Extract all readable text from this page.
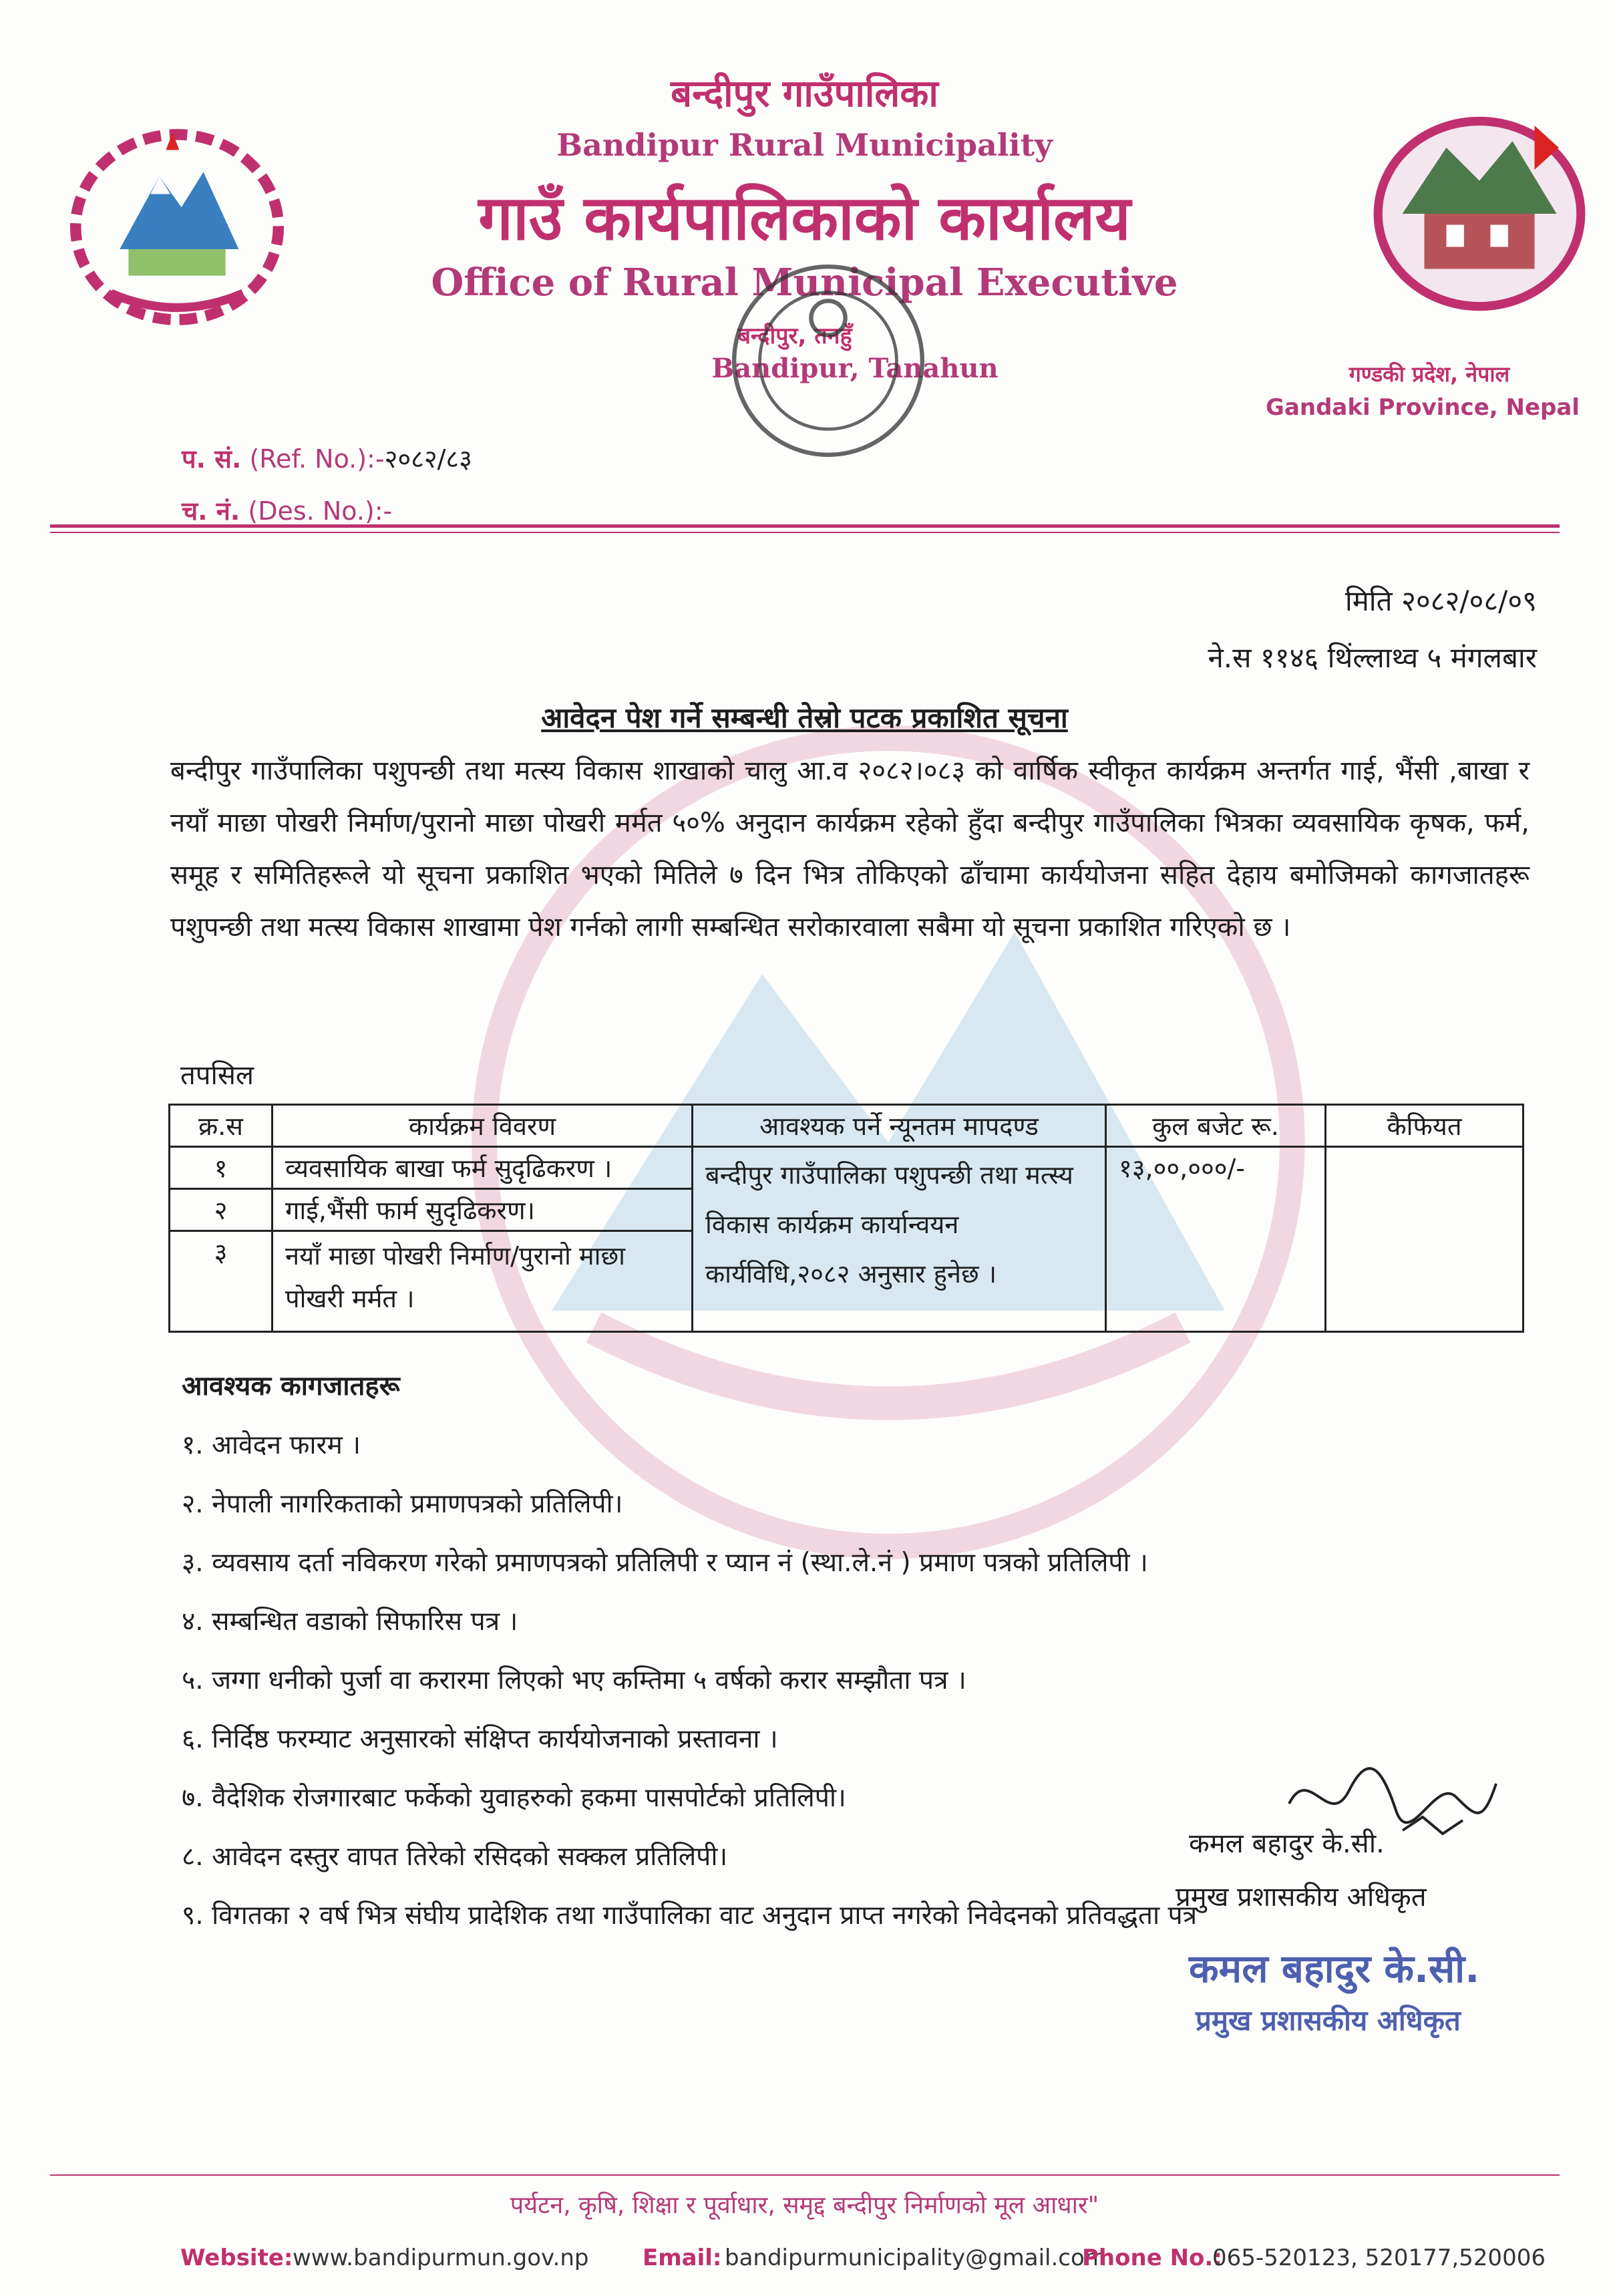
बन्दीपुर गाउँपालिका
Bandipur Rural Municipality
गाउँ कार्यपालिकाको कार्यालय
Office of Rural Municipal Executive
बन्दीपुर, तनहुँ
Bandipur, Tanahun	गण्डकी प्रदेश, नेपाल
Gandaki Province, Nepal
प. सं. (Ref. No.):-२०८२/८३
च. नं. (Des. No.):-
मिति २०८२/०८/०९
ने.स ११४६ थिंल्लाथ्व ५ मंगलबार
आवेदन पेश गर्ने सम्बन्धी तेस्रो पटक प्रकाशित सूचना
बन्दीपुर गाउँपालिका पशुपन्छी तथा मत्स्य विकास शाखाको चालु आ.व २०८२।०८३ को वार्षिक स्वीकृत कार्यक्रम अन्तर्गत गाई, भैंसी ,बाखा र नयाँ माछा पोखरी निर्माण/पुरानो माछा पोखरी मर्मत ५०% अनुदान कार्यक्रम रहेको हुँदा बन्दीपुर गाउँपालिका भित्रका व्यवसायिक कृषक, फर्म, समूह र समितिहरूले यो सूचना प्रकाशित भएको मितिले ७ दिन भित्र तोकिएको ढाँचामा कार्ययोजना सहित देहाय बमोजिमको कागजातहरू पशुपन्छी तथा मत्स्य विकास शाखामा पेश गर्नको लागी सम्बन्धित सरोकारवाला सबैमा यो सूचना प्रकाशित गरिएको छ ।
तपसिल
क्र.स	कार्यक्रम विवरण	आवश्यक पर्ने न्यूनतम मापदण्ड	कुल बजेट रू.	कैफियत
१	व्यवसायिक बाखा फर्म सुदृढिकरण ।	बन्दीपुर गाउँपालिका पशुपन्छी तथा मत्स्य विकास कार्यक्रम कार्यान्वयन कार्यविधि,२०८२ अनुसार हुनेछ ।	१३,००,०००/-	
२	गाई,भैंसी फार्म सुदृढिकरण।			
३	नयाँ माछा पोखरी निर्माण/पुरानो माछा पोखरी मर्मत ।			
आवश्यक कागजातहरू
१. आवेदन फारम ।
२. नेपाली नागरिकताको प्रमाणपत्रको प्रतिलिपी।
३. व्यवसाय दर्ता नविकरण गरेको प्रमाणपत्रको प्रतिलिपी र प्यान नं (स्था.ले.नं ) प्रमाण पत्रको प्रतिलिपी ।
४. सम्बन्धित वडाको सिफारिस पत्र ।
५. जग्गा धनीको पुर्जा वा करारमा लिएको भए कम्तिमा ५ वर्षको करार सम्झौता पत्र ।
६. निर्दिष्ठ फरम्याट अनुसारको संक्षिप्त कार्ययोजनाको प्रस्तावना ।
७. वैदेशिक रोजगारबाट फर्केको युवाहरुको हकमा पासपोर्टको प्रतिलिपी।
८. आवेदन दस्तुर वापत तिरेको रसिदको सक्कल प्रतिलिपी।
९. विगतका २ वर्ष भित्र संघीय प्रादेशिक तथा गाउँपालिका वाट अनुदान प्राप्त नगरेको निवेदनको प्रतिवद्धता पत्र
कमल बहादुर के.सी.
प्रमुख प्रशासकीय अधिकृत
कमल बहादुर के.सी.
प्रमुख प्रशासकीय अधिकृत
पर्यटन, कृषि, शिक्षा र पूर्वाधार, समृद्द बन्दीपुर निर्माणको मूल आधार"
Website: www.bandipurmun.gov.np Email: bandipurmunicipality@gmail.com
Phone No.:
065-520123, 520177,520006
